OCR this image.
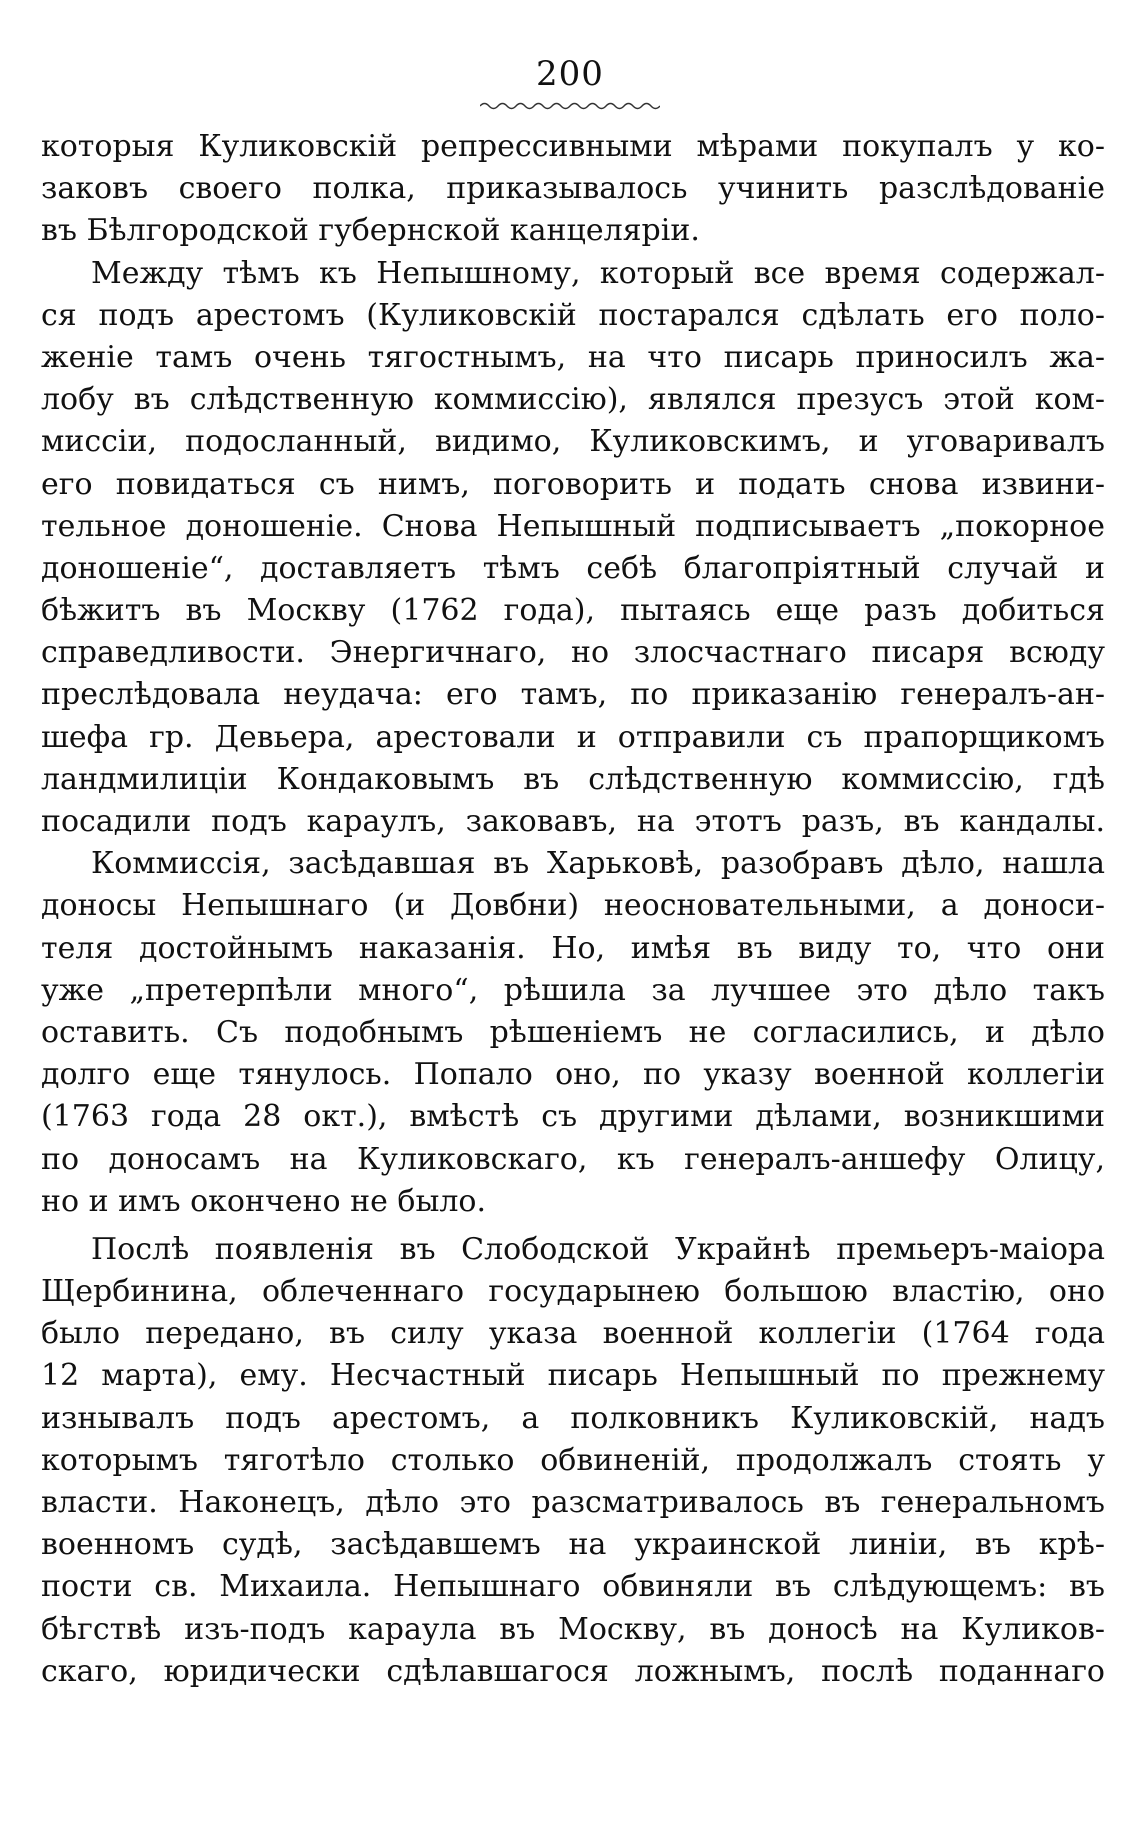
200
которыя Куликовскій репрессивными мѣрами покупалъ у ко-
заковъ своего полка, приказывалось учинить разслѣдованіе
въ Бѣлгородской губернской канцеляріи.
Между тѣмъ къ Непышному, который все время содержал-
ся подъ арестомъ (Куликовскій постарался сдѣлать его поло-
женіе тамъ очень тягостнымъ, на что писарь приносилъ жа-
лобу въ слѣдственную коммиссію), являлся презусъ этой ком-
миссіи, подосланный, видимо, Куликовскимъ, и уговаривалъ
его повидаться съ нимъ, поговорить и подать снова извини-
тельное доношеніе. Снова Непышный подписываетъ „покорное
доношеніе“, доставляетъ тѣмъ себѣ благопріятный случай и
бѣжитъ въ Москву (1762 года), пытаясь еще разъ добиться
справедливости. Энергичнаго, но злосчастнаго писаря всюду
преслѣдовала неудача: его тамъ, по приказанію генералъ-ан-
шефа гр. Девьера, арестовали и отправили съ прапорщикомъ
ландмилиціи Кондаковымъ въ слѣдственную коммиссію, гдѣ
посадили подъ караулъ, заковавъ, на этотъ разъ, въ кандалы.
Коммиссія, засѣдавшая въ Харьковѣ, разобравъ дѣло, нашла
доносы Непышнаго (и Довбни) неосновательными, а доноси-
теля достойнымъ наказанія. Но, имѣя въ виду то, что они
уже „претерпѣли много“, рѣшила за лучшее это дѣло такъ
оставить. Съ подобнымъ рѣшеніемъ не согласились, и дѣло
долго еще тянулось. Попало оно, по указу военной коллегіи
(1763 года 28 окт.), вмѣстѣ съ другими дѣлами, возникшими
по доносамъ на Куликовскаго, къ генералъ-аншефу Олицу,
но и имъ окончено не было.
Послѣ появленія въ Слободской Украйнѣ премьеръ-маіора
Щербинина, облеченнаго государынею большою властію, оно
было передано, въ силу указа военной коллегіи (1764 года
12 марта), ему. Несчастный писарь Непышный по прежнему
изнывалъ подъ арестомъ, а полковникъ Куликовскій, надъ
которымъ тяготѣло столько обвиненій, продолжалъ стоять у
власти. Наконецъ, дѣло это разсматривалось въ генеральномъ
военномъ судѣ, засѣдавшемъ на украинской линіи, въ крѣ-
пости св. Михаила. Непышнаго обвиняли въ слѣдующемъ: въ
бѣгствѣ изъ-подъ караула въ Москву, въ доносѣ на Куликов-
скаго, юридически сдѣлавшагося ложнымъ, послѣ поданнаго
